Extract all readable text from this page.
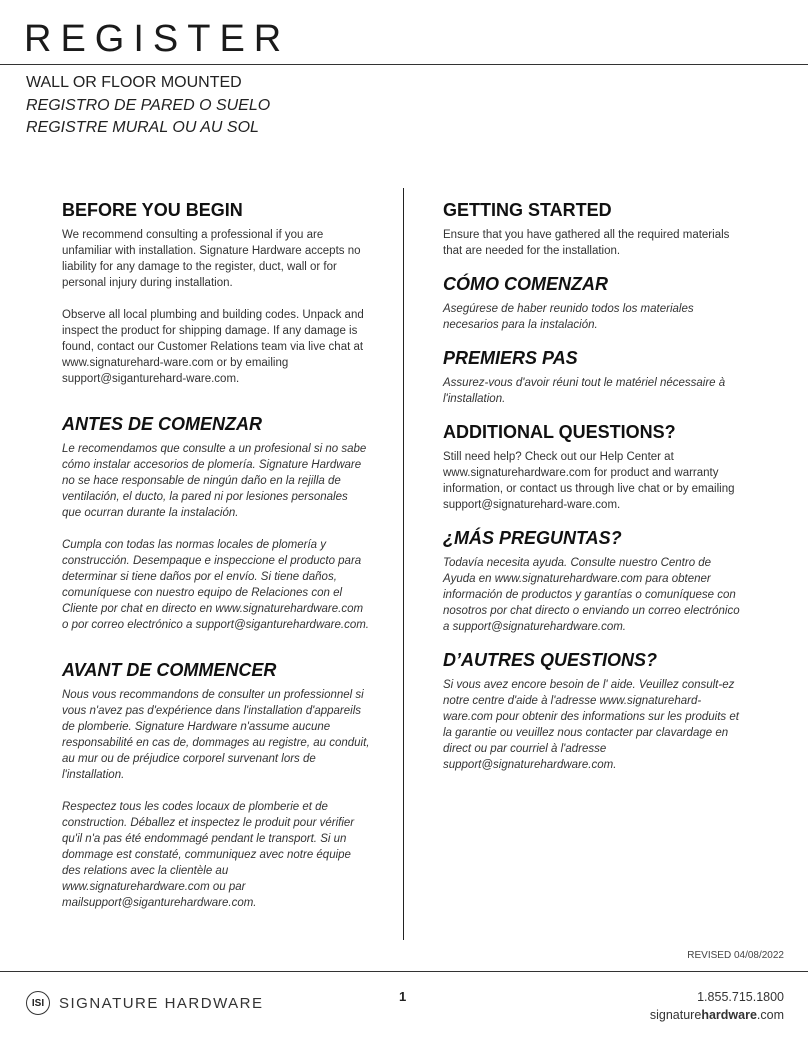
REGISTER
WALL OR FLOOR MOUNTED
REGISTRO DE PARED O SUELO
REGISTRE MURAL OU AU SOL
BEFORE YOU BEGIN

We recommend consulting a professional if you are unfamiliar with installation. Signature Hardware accepts no liability for any damage to the register, duct, wall or for personal injury during installation.

Observe all local plumbing and building codes. Unpack and inspect the product for shipping damage. If any damage is found, contact our Customer Relations team via live chat at www.signaturehard-ware.com or by emailing support@siganturehard-ware.com.

ANTES DE COMENZAR

Le recomendamos que consulte a un profesional si no sabe cómo instalar accesorios de plomería. Signature Hardware no se hace responsable de ningún daño en la rejilla de ventilación, el ducto, la pared ni por lesiones personales que ocurran durante la instalación.

Cumpla con todas las normas locales de plomería y construcción. Desempaque e inspeccione el producto para determinar si tiene daños por el envío. Si tiene daños, comuníquese con nuestro equipo de Relaciones con el Cliente por chat en directo en www.signaturehardware.com o por correo electrónico a support@siganturehardware.com.

AVANT DE COMMENCER

Nous vous recommandons de consulter un professionnel si vous n'avez pas d'expérience dans l'installation d'appareils de plomberie. Signature Hardware n'assume aucune responsabilité en cas de, dommages au registre, au conduit, au mur ou de préjudice corporel survenant lors de l'installation.

Respectez tous les codes locaux de plomberie et de construction. Déballez et inspectez le produit pour vérifier qu'il n'a pas été endommagé pendant le transport. Si un dommage est constaté, communiquez avec notre équipe des relations avec la clientèle au www.signaturehardware.com ou par mailsupport@siganturehardware.com.

GETTING STARTED

Ensure that you have gathered all the required materials that are needed for the installation.

CÓMO COMENZAR

Asegúrese de haber reunido todos los materiales necesarios para la instalación.

PREMIERS PAS

Assurez-vous d'avoir réuni tout le matériel nécessaire à l'installation.

ADDITIONAL QUESTIONS?

Still need help? Check out our Help Center at www.signaturehardware.com for product and warranty information, or contact us through live chat or by emailing support@signaturehard-ware.com.

¿MÁS PREGUNTAS?

Todavía necesita ayuda. Consulte nuestro Centro de Ayuda en www.signaturehardware.com para obtener información de productos y garantías o comuníquese con nosotros por chat directo o enviando un correo electrónico a support@signaturehardware.com.

D’AUTRES QUESTIONS?

Si vous avez encore besoin de l' aide. Veuillez consult-ez notre centre d'aide à l'adresse www.signaturehard-ware.com pour obtenir des informations sur les produits et la garantie ou veuillez nous contacter par clavardage en direct ou par courriel à l'adresse support@signaturehardware.com.

REVISED 04/08/2022
ISI SIGNATURE HARDWARE	1	1.855.715.1800
signaturehardware.com
